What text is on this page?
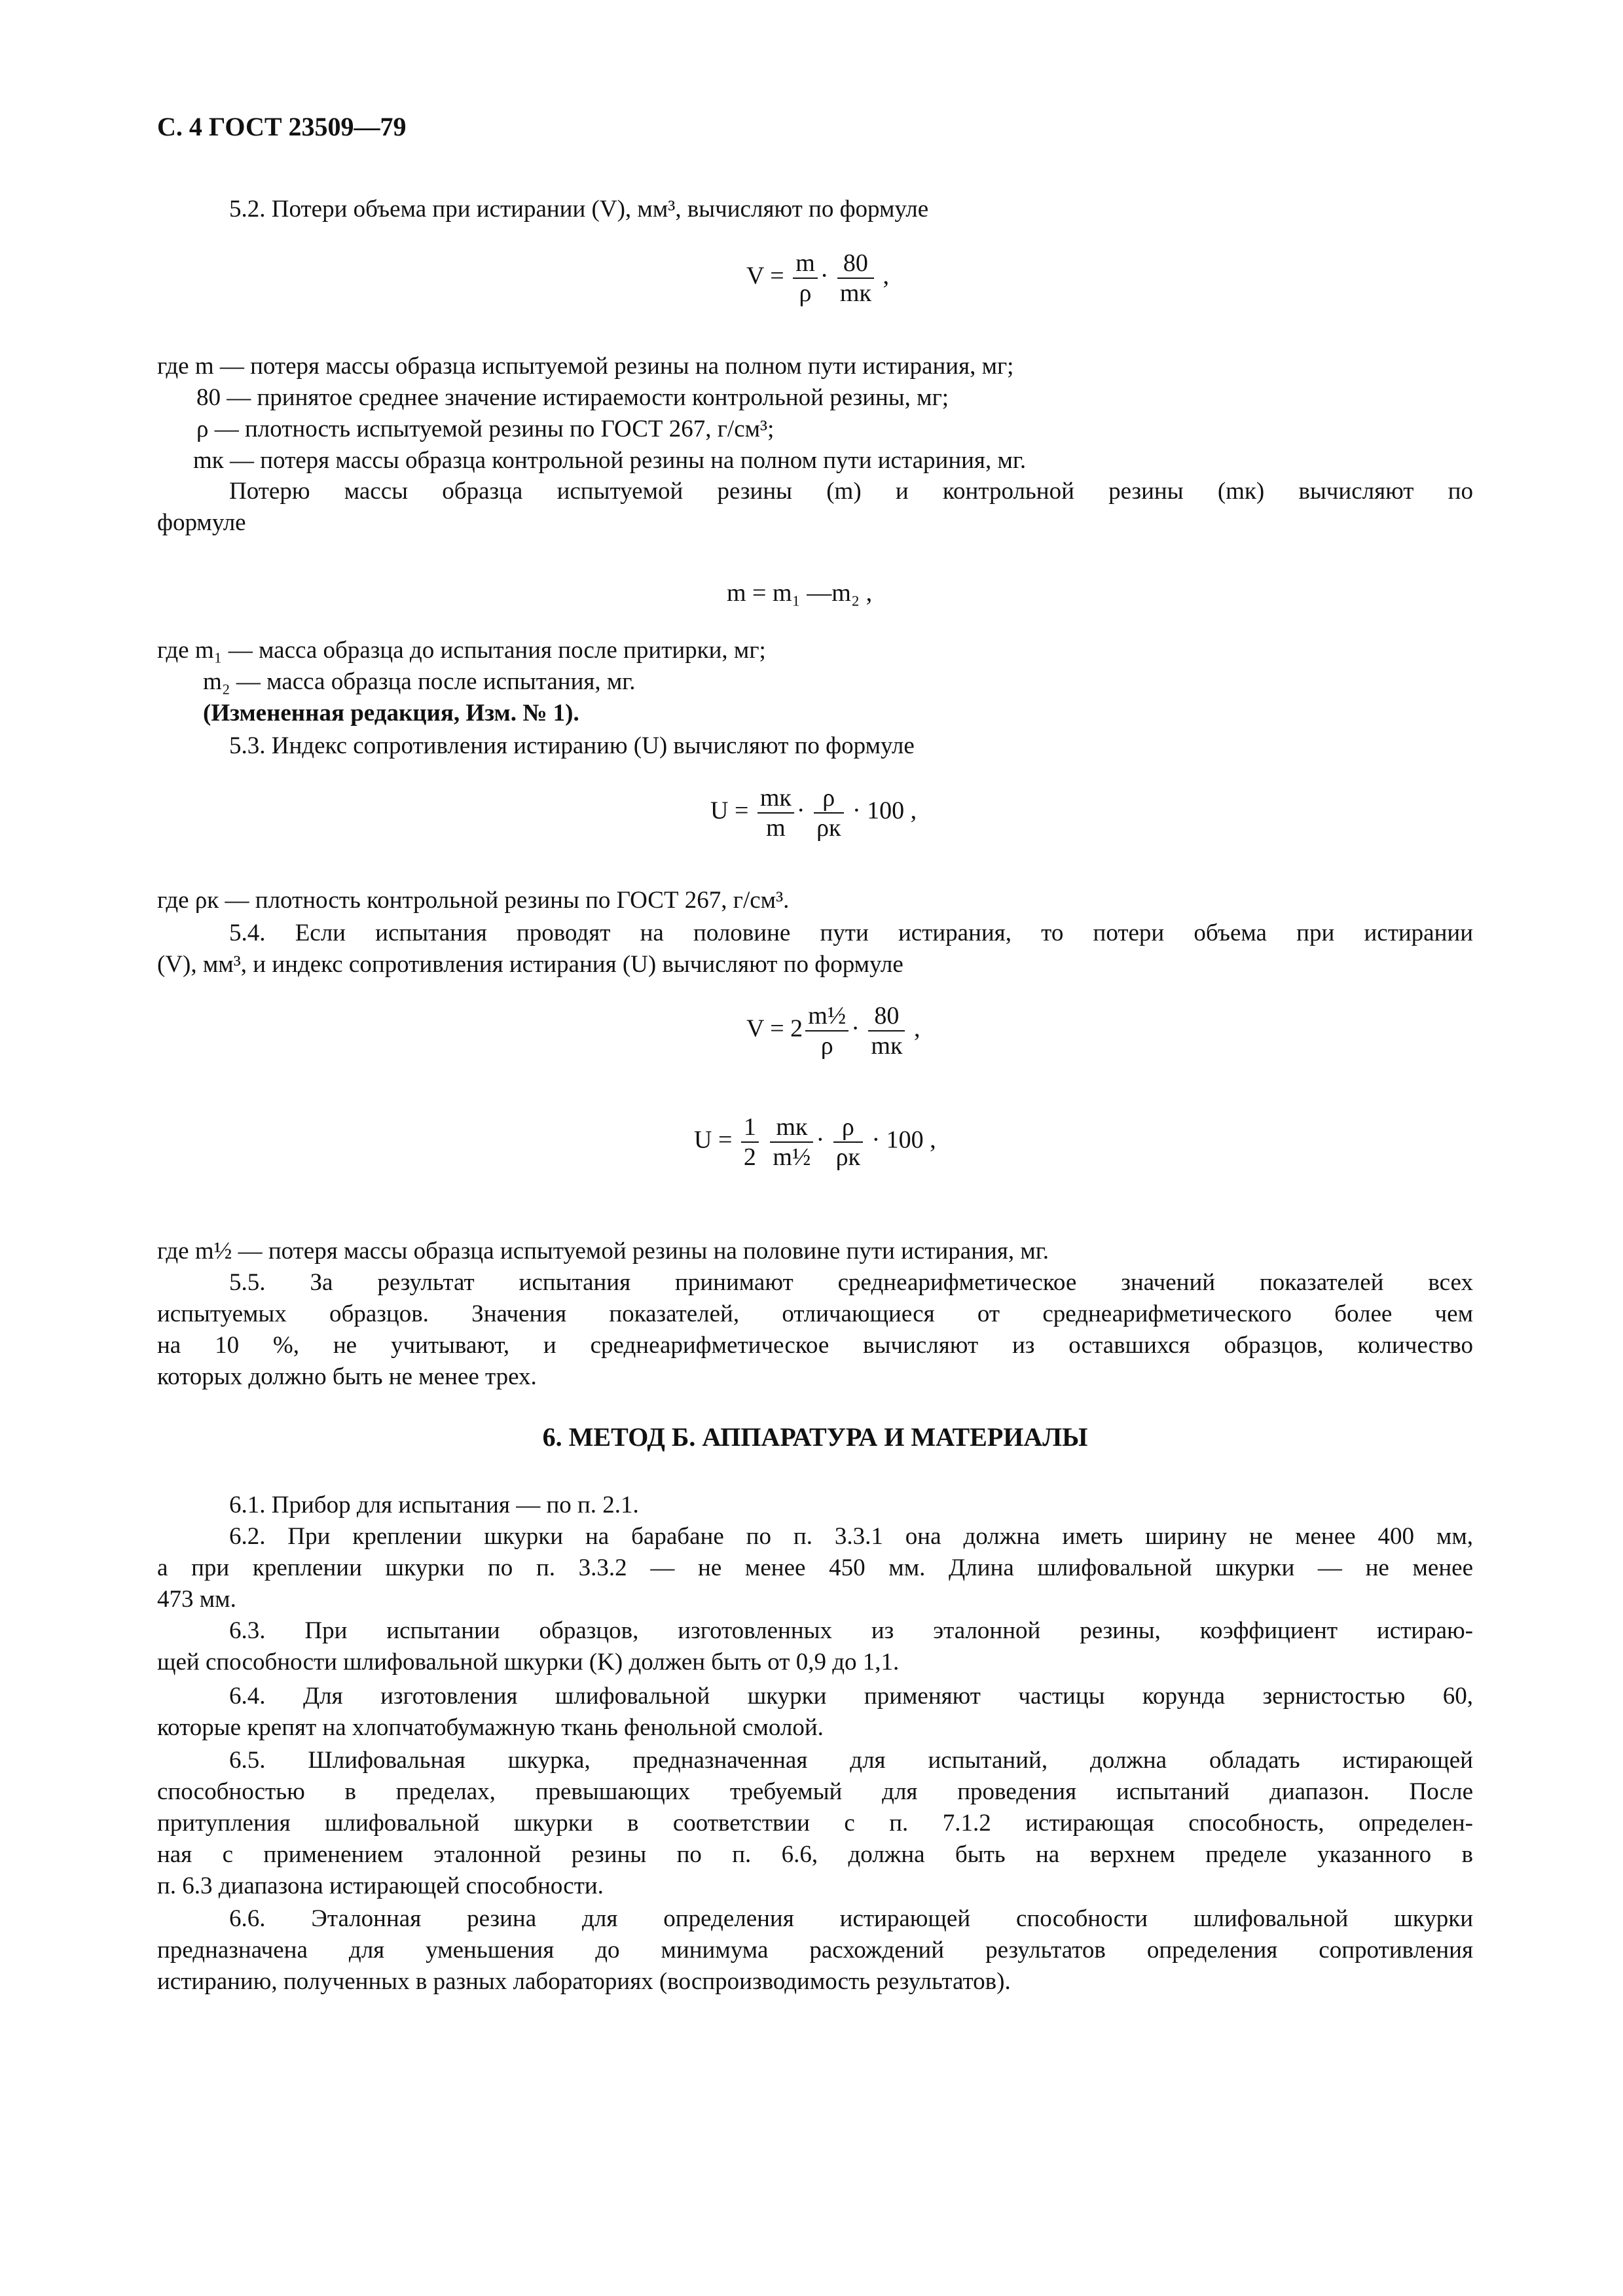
С. 4 ГОСТ 23509—79
5.2. Потери объема при истирании (V), мм³, вычисляют по формуле
$V = \frac{m}{\rho} \cdot \frac{80}{mк}$ ,
где m — потеря массы образца испытуемой резины на полном пути истирания, мг;
80 — принятое среднее значение истираемости контрольной резины, мг;
ρ — плотность испытуемой резины по ГОСТ 267, г/см³;
mк — потеря массы образца контрольной резины на полном пути истариния, мг.
Потерю массы образца испытуемой резины (m) и контрольной резины (mк) вычисляют по
формуле
m = m₁ —m₂ ,
где m₁ — масса образца до испытания после притирки, мг;
m₂ — масса образца после испытания, мг.
(Измененная редакция, Изм. № 1).
5.3. Индекс сопротивления истиранию (U) вычисляют по формуле
$U = \frac{mк}{m} \cdot \frac{\rho}{\rho к} \cdot 100$ ,
где ρк — плотность контрольной резины по ГОСТ 267, г/см³.
5.4. Если испытания проводят на половине пути истирания, то потери объема при истирании
(V), мм³, и индекс сопротивления истирания (U) вычисляют по формуле
$V = 2 \frac{\text{m½}}{\rho} \cdot \frac{80}{mк}$ ,
$U = \frac{1}{2}$
$\frac{mк}{\text{m½}} \cdot \frac{\rho}{\rho к} \cdot 100$ ,
где m½ — потеря массы образца испытуемой резины на половине пути истирания, мг.
5.5. За результат испытания принимают среднеарифметическое значений показателей всех
испытуемых образцов. Значения показателей, отличающиеся от среднеарифметического более чем
на 10 %, не учитывают, и среднеарифметическое вычисляют из оставшихся образцов, количество
которых должно быть не менее трех.
6. МЕТОД Б. АППАРАТУРА И МАТЕРИАЛЫ
6.1. Прибор для испытания — по п. 2.1.
6.2. При креплении шкурки на барабане по п. 3.3.1 она должна иметь ширину не менее 400 мм,
а при креплении шкурки по п. 3.3.2 — не менее 450 мм. Длина шлифовальной шкурки — не менее
473 мм.
6.3. При испытании образцов, изготовленных из эталонной резины, коэффициент истираю-
щей способности шлифовальной шкурки (K) должен быть от 0,9 до 1,1.
6.4. Для изготовления шлифовальной шкурки применяют частицы корунда зернистостью 60,
которые крепят на хлопчатобумажную ткань фенольной смолой.
6.5. Шлифовальная шкурка, предназначенная для испытаний, должна обладать истирающей
способностью в пределах, превышающих требуемый для проведения испытаний диапазон. После
притупления шлифовальной шкурки в соответствии с п. 7.1.2 истирающая способность, определен-
ная с применением эталонной резины по п. 6.6, должна быть на верхнем пределе указанного в
п. 6.3 диапазона истирающей способности.
6.6. Эталонная резина для определения истирающей способности шлифовальной шкурки
предназначена для уменьшения до минимума расхождений результатов определения сопротивления
истиранию, полученных в разных лабораториях (воспроизводимость результатов).
